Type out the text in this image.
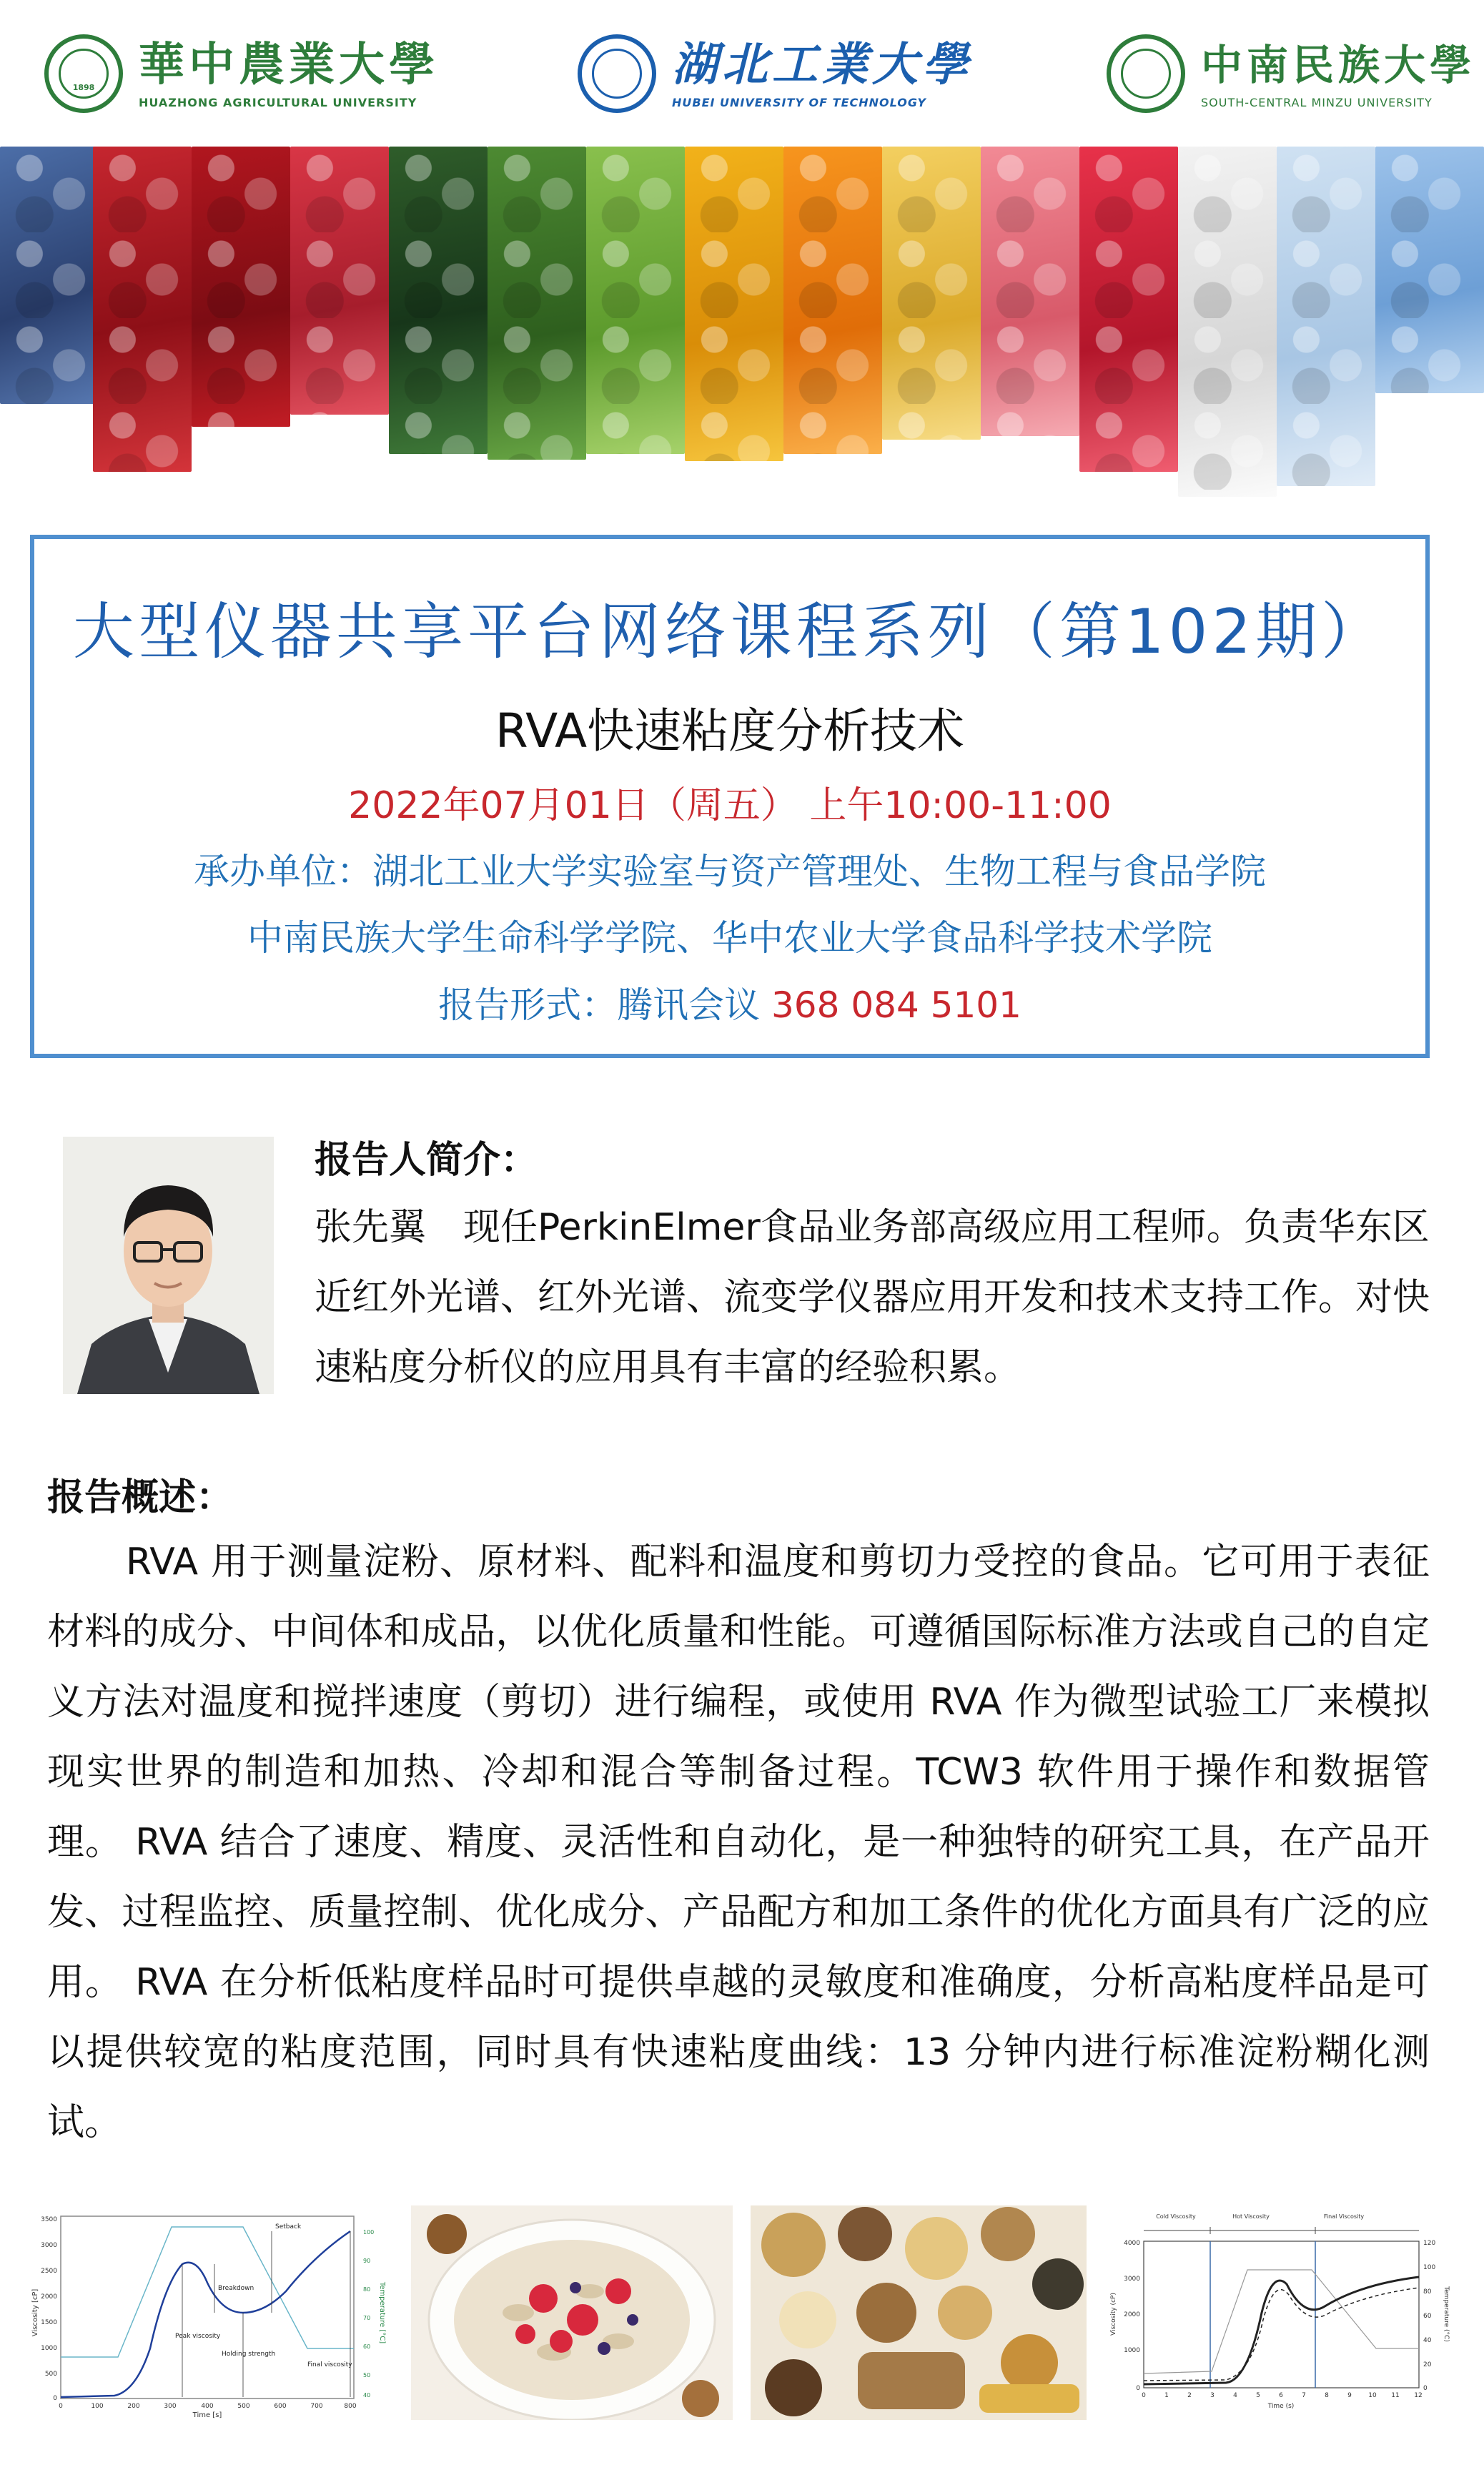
1898 華中農業大學
HUAZHONG AGRICULTURAL UNIVERSITY
湖北工業大學
HUBEI UNIVERSITY OF TECHNOLOGY
中南民族大學
SOUTH-CENTRAL MINZU UNIVERSITY
大型仪器共享平台网络课程系列（第102期）
RVA快速粘度分析技术
2022年07月01日（周五） 上午10:00-11:00
承办单位：湖北工业大学实验室与资产管理处、生物工程与食品学院
中南民族大学生命科学学院、华中农业大学食品科学技术学院
报告形式：腾讯会议 368 084 5101
报告人简介：
张先翼　现任PerkinElmer食品业务部高级应用工程师。负责华东区近红外光谱、红外光谱、流变学仪器应用开发和技术支持工作。对快速粘度分析仪的应用具有丰富的经验积累。
报告概述：
RVA 用于测量淀粉、原材料、配料和温度和剪切力受控的食品。它可用于表征材料的成分、中间体和成品，以优化质量和性能。可遵循国际标准方法或自己的自定义方法对温度和搅拌速度（剪切）进行编程，或使用 RVA 作为微型试验工厂来模拟现实世界的制造和加热、冷却和混合等制备过程。TCW3 软件用于操作和数据管理。 RVA 结合了速度、精度、灵活性和自动化，是一种独特的研究工具，在产品开发、过程监控、质量控制、优化成分、产品配方和加工条件的优化方面具有广泛的应用。 RVA 在分析低粘度样品时可提供卓越的灵敏度和准确度，分析高粘度样品是可以提供较宽的粘度范围，同时具有快速粘度曲线：13 分钟内进行标准淀粉糊化测试。
3500
3000
2500
2000
1500
1000
500
0
0	100	200	300	400	500	600	700	800
100
90
80
70
60
50
40
Time [s]
Viscosity [cP]	Temperature [°C]
Setback
Breakdown
Peak viscosity
Holding strength
Final viscosity
Cold Viscosity	Hot Viscosity	Final Viscosity
4000
3000
2000
1000
0
120
100
80
60
40
20
0
0	1	2	3	4	5	6	7	8	9	10 11 12
Time (s)
Viscosity (cP)	Temperature (°C)
